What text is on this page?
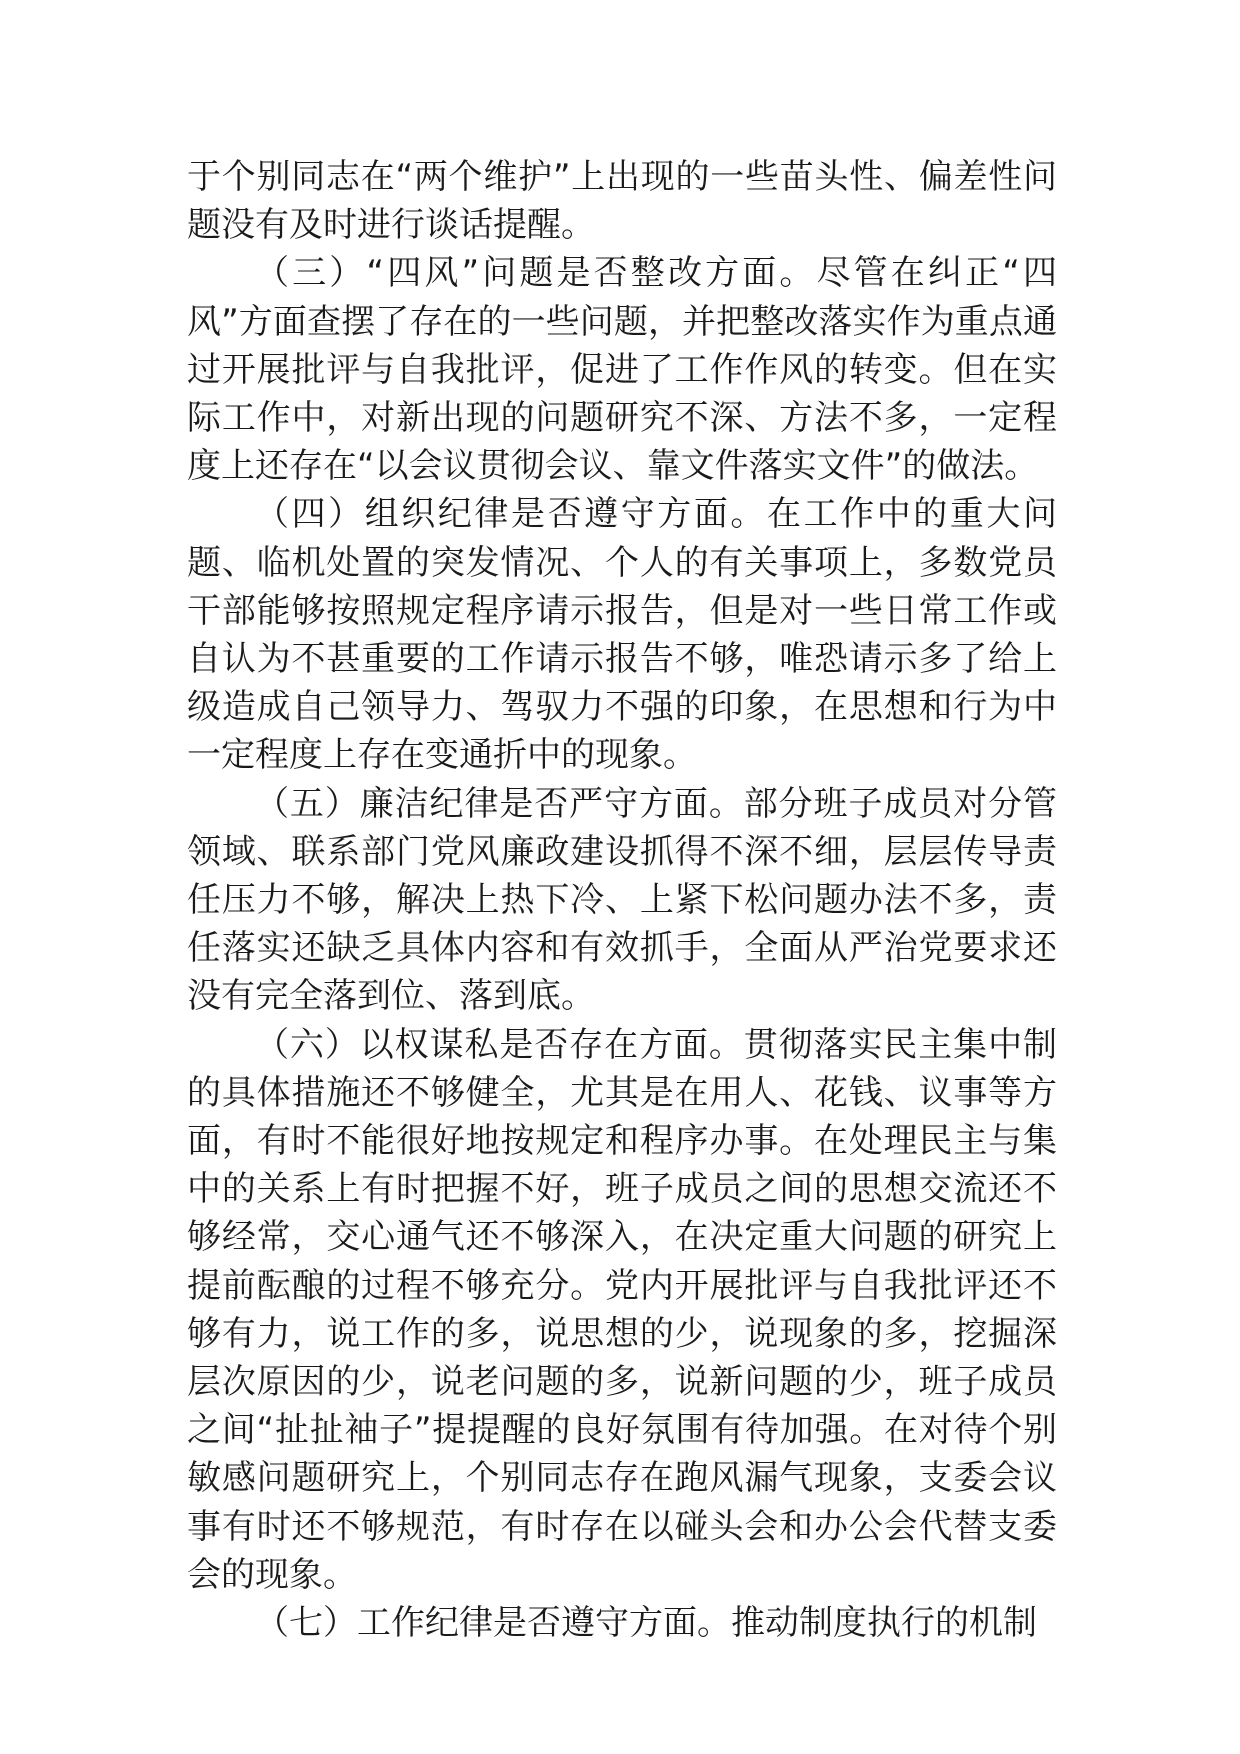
于个别同志在“两个维护”上出现的一些苗头性、偏差性问题没有及时进行谈话提醒。

（三）“四风”问题是否整改方面。尽管在纠正“四风”方面查摆了存在的一些问题，并把整改落实作为重点通过开展批评与自我批评，促进了工作作风的转变。但在实际工作中，对新出现的问题研究不深、方法不多，一定程度上还存在“以会议贯彻会议、靠文件落实文件”的做法。

（四）组织纪律是否遵守方面。在工作中的重大问题、临机处置的突发情况、个人的有关事项上，多数党员干部能够按照规定程序请示报告，但是对一些日常工作或自认为不甚重要的工作请示报告不够，唯恐请示多了给上级造成自己领导力、驾驭力不强的印象，在思想和行为中一定程度上存在变通折中的现象。

（五）廉洁纪律是否严守方面。部分班子成员对分管领域、联系部门党风廉政建设抓得不深不细，层层传导责任压力不够，解决上热下冷、上紧下松问题办法不多，责任落实还缺乏具体内容和有效抓手，全面从严治党要求还没有完全落到位、落到底。

（六）以权谋私是否存在方面。贯彻落实民主集中制的具体措施还不够健全，尤其是在用人、花钱、议事等方面，有时不能很好地按规定和程序办事。在处理民主与集中的关系上有时把握不好，班子成员之间的思想交流还不够经常，交心通气还不够深入，在决定重大问题的研究上提前酝酿的过程不够充分。党内开展批评与自我批评还不够有力，说工作的多，说思想的少，说现象的多，挖掘深层次原因的少，说老问题的多，说新问题的少，班子成员之间“扯扯袖子”提提醒的良好氛围有待加强。在对待个别敏感问题研究上，个别同志存在跑风漏气现象，支委会议事有时还不够规范，有时存在以碰头会和办公会代替支委会的现象。

（七）工作纪律是否遵守方面。推动制度执行的机制
